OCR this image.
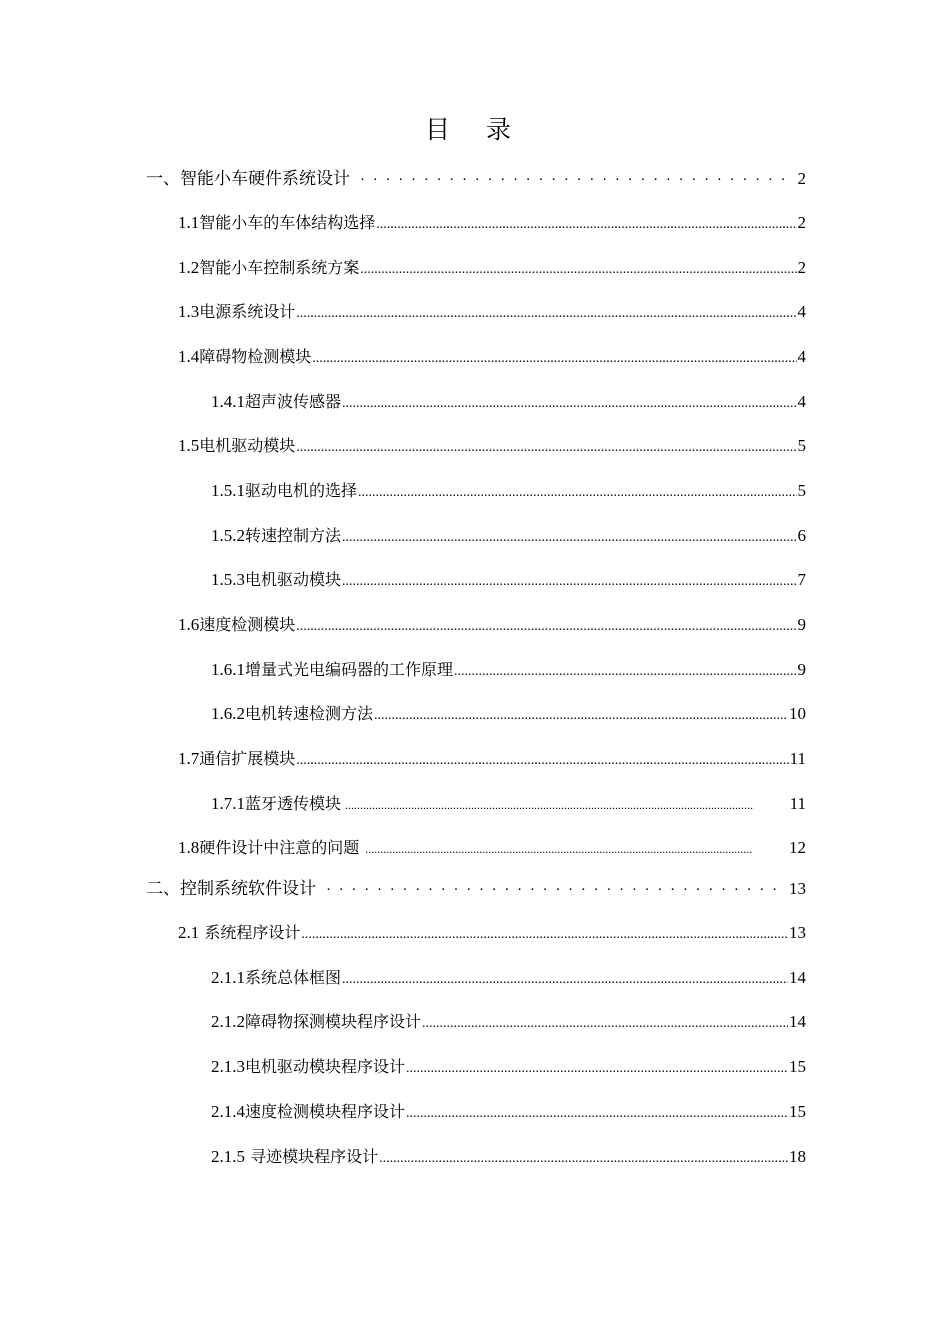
目 录
一、智能小车硬件系统设计 · · ·	2
1.1 智能小车的车体结构选择 .....	2
1.2 智能小车控制系统方案 .....	2
1.3 电源系统设计 .....	4
1.4 障碍物检测模块 .....	4
1.4.1 超声波传感器 .....	4
1.5 电机驱动模块 .....	5
1.5.1 驱动电机的选择 .....	5
1.5.2 转速控制方法 .....	6
1.5.3 电机驱动模块 .....	7
1.6 速度检测模块 .....	9
1.6.1 增量式光电编码器的工作原理 .....	9
1.6.2 电机转速检测方法 .....	10
1.7 通信扩展模块 .....	11
1.7.1 蓝牙透传模块 .....	11
1.8 硬件设计中注意的问题 .....	12
二、控制系统软件设计 · · ·	13
2.1 系统程序设计 .....	13
2.1.1 系统总体框图 .....	14
2.1.2 障碍物探测模块程序设计 .....	14
2.1.3 电机驱动模块程序设计 .....	15
2.1.4 速度检测模块程序设计 .....	15
2.1.5 寻迹模块程序设计 .....	18
